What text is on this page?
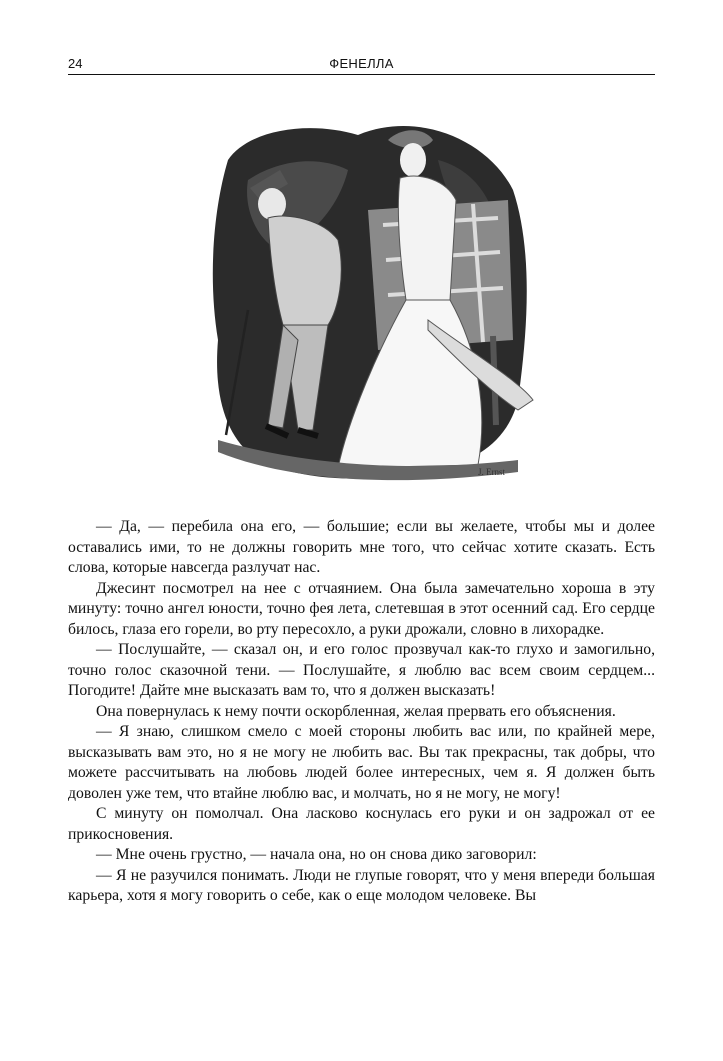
24	ФЕНЕЛЛА
J. Ernst

— Да, — перебила она его, — большие; если вы желаете, чтобы мы и долее оставались ими, то не должны говорить мне того, что сейчас хотите сказать. Есть слова, которые навсегда разлучат нас.

Джесинт посмотрел на нее с отчаянием. Она была замечательно хороша в эту минуту: точно ангел юности, точно фея лета, слетевшая в этот осенний сад. Его сердце билось, глаза его горели, во рту пересохло, а руки дрожали, словно в лихорадке.

— Послушайте, — сказал он, и его голос прозвучал как-то глухо и замогильно, точно голос сказочной тени. — Послушайте, я люблю вас всем своим сердцем... Погодите! Дайте мне высказать вам то, что я должен высказать!

Она повернулась к нему почти оскорбленная, желая прервать его объяснения.

— Я знаю, слишком смело с моей стороны любить вас или, по крайней мере, высказывать вам это, но я не могу не любить вас. Вы так прекрасны, так добры, что можете рассчитывать на любовь людей более интересных, чем я. Я должен быть доволен уже тем, что втайне люблю вас, и молчать, но я не могу, не могу!

С минуту он помолчал. Она ласково коснулась его руки и он задрожал от ее прикосновения.

— Мне очень грустно, — начала она, но он снова дико заговорил:

— Я не разучился понимать. Люди не глупые говорят, что у меня впереди большая карьера, хотя я могу говорить о себе, как о еще молодом человеке. Вы
